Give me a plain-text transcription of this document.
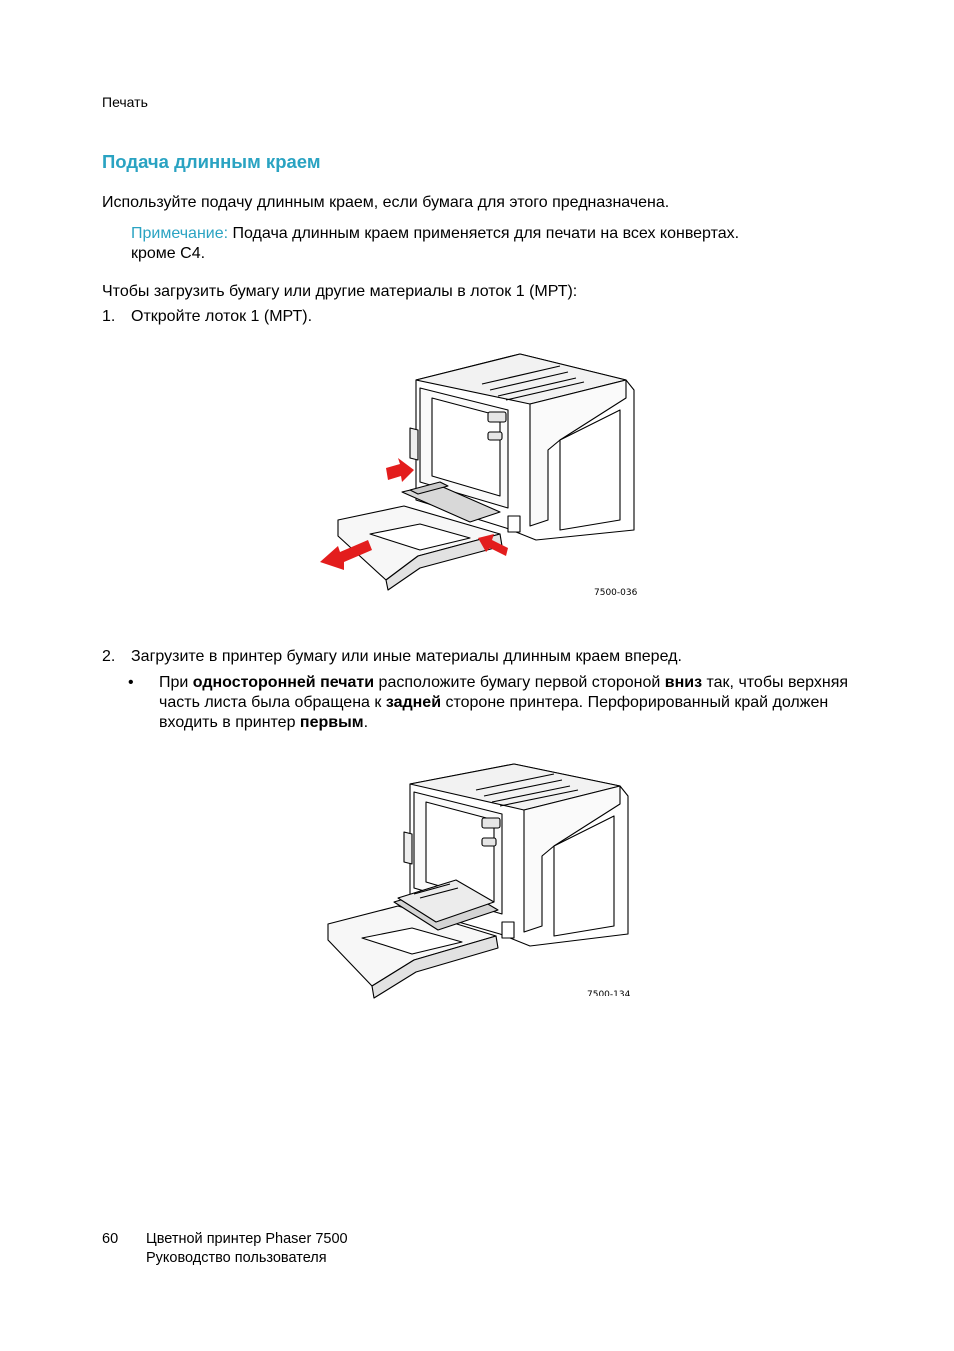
Печать
Подача длинным краем
Используйте подачу длинным краем, если бумага для этого предназначена.
Примечание: Подача длинным краем применяется для печати на всех конвертах.
кроме С4.
Чтобы загрузить бумагу или другие материалы в лоток 1 (МРТ):
1. Откройте лоток 1 (МРТ).
7500-036
2. Загрузите в принтер бумагу или иные материалы длинным краем вперед.
• При односторонней печати расположите бумагу первой стороной вниз так, чтобы верхняя часть листа была обращена к задней стороне принтера. Перфорированный край должен входить в принтер первым.
7500-134
60 Цветной принтер Phaser 7500
Руководство пользователя
